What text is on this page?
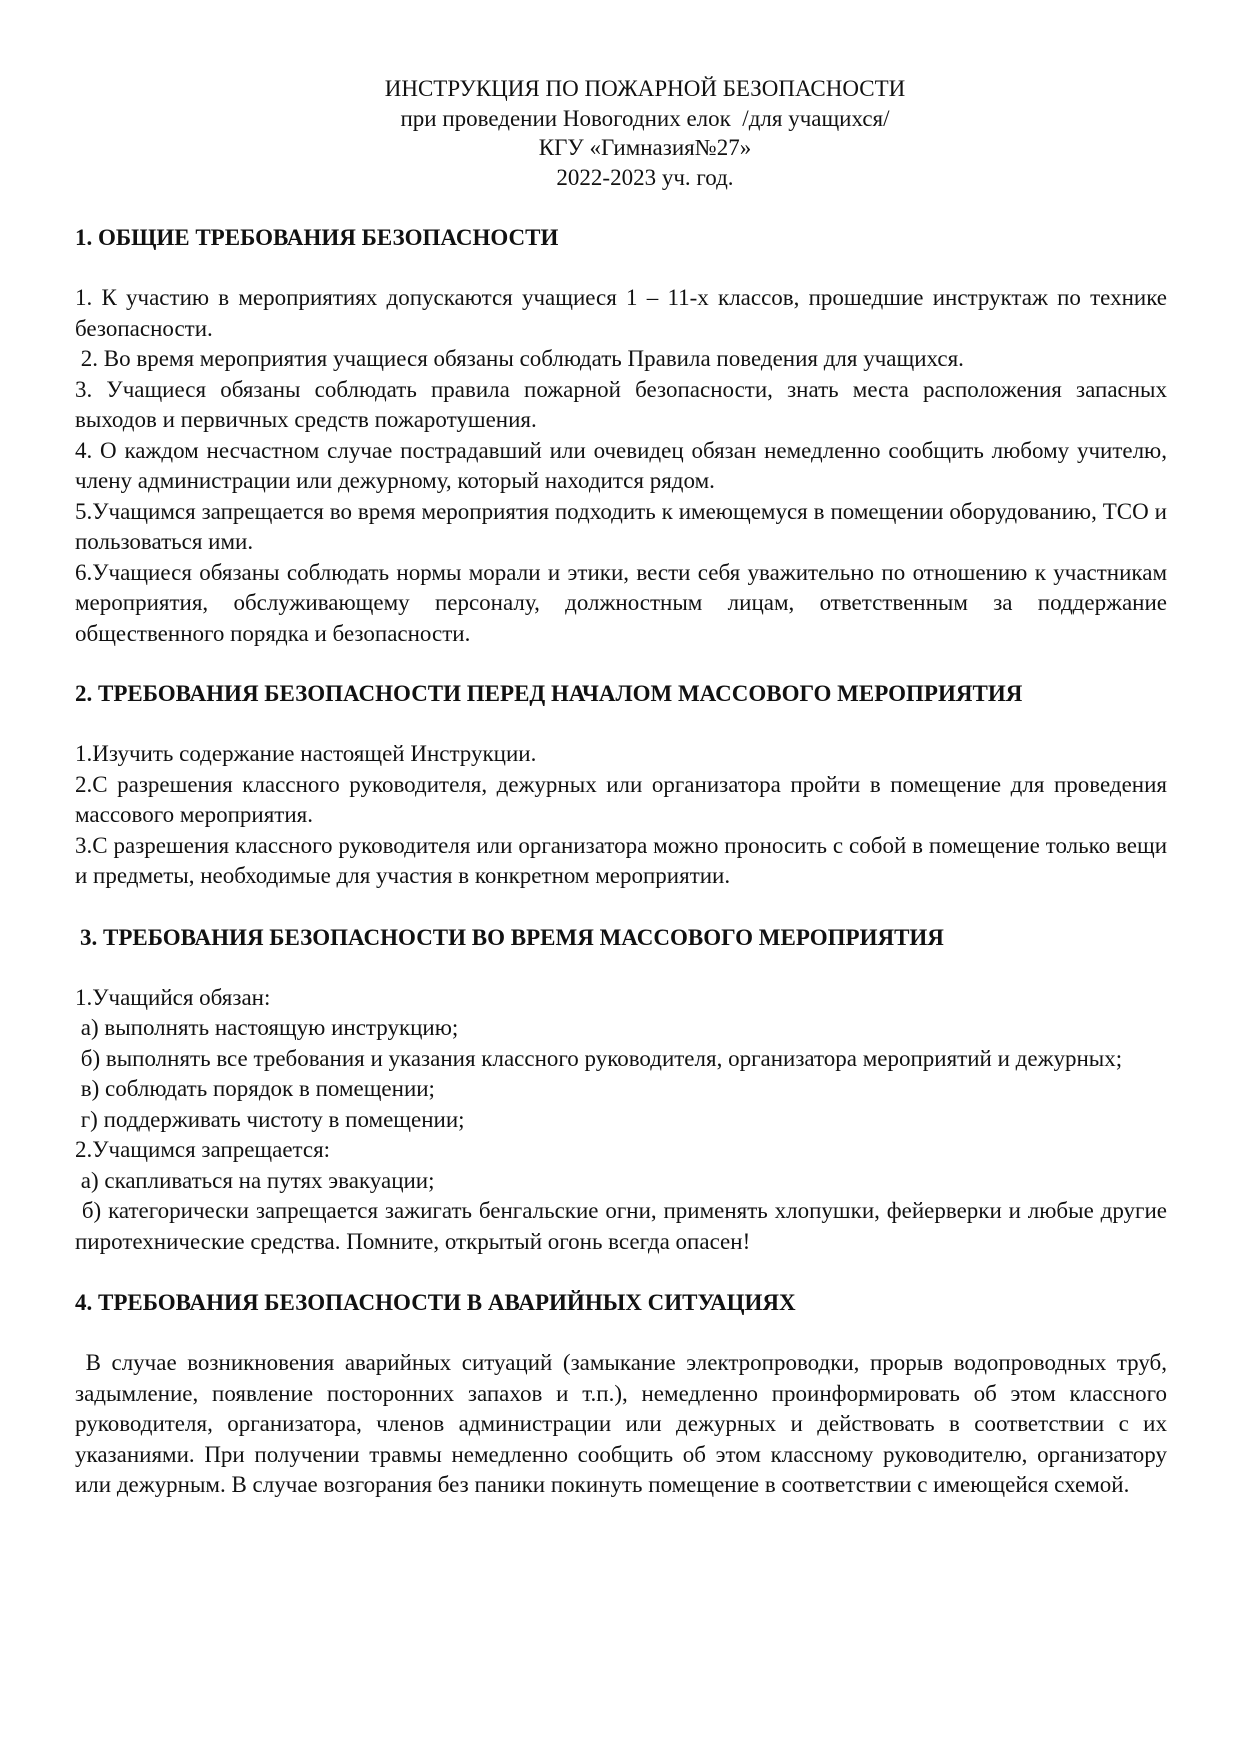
ИНСТРУКЦИЯ ПО ПОЖАРНОЙ БЕЗОПАСНОСТИ
при проведении Новогодних елок  /для учащихся/
КГУ «Гимназия№27»
2022-2023 уч. год.
1. ОБЩИЕ ТРЕБОВАНИЯ БЕЗОПАСНОСТИ

1. К участию в мероприятиях допускаются учащиеся 1 – 11-х классов, прошедшие инструктаж по технике безопасности.

2. Во время мероприятия учащиеся обязаны соблюдать Правила поведения для учащихся.

3. Учащиеся обязаны соблюдать правила пожарной безопасности, знать места расположения запасных выходов и первичных средств пожаротушения.

4. О каждом несчастном случае пострадавший или очевидец обязан немедленно сообщить любому учителю, члену администрации или дежурному, который находится рядом.

5.Учащимся запрещается во время мероприятия подходить к имеющемуся в помещении оборудованию, ТСО и пользоваться ими.

6.Учащиеся обязаны соблюдать нормы морали и этики, вести себя уважительно по отношению к участникам мероприятия, обслуживающему персоналу, должностным лицам, ответственным за поддержание общественного порядка и безопасности.

2. ТРЕБОВАНИЯ БЕЗОПАСНОСТИ ПЕРЕД НАЧАЛОМ МАССОВОГО МЕРОПРИЯТИЯ

1.Изучить содержание настоящей Инструкции.

2.С разрешения классного руководителя, дежурных или организатора пройти в помещение для проведения массового мероприятия.

3.С разрешения классного руководителя или организатора можно проносить с собой в помещение только вещи и предметы, необходимые для участия в конкретном мероприятии.

3. ТРЕБОВАНИЯ БЕЗОПАСНОСТИ ВО ВРЕМЯ МАССОВОГО МЕРОПРИЯТИЯ

1.Учащийся обязан:

а) выполнять настоящую инструкцию;

б) выполнять все требования и указания классного руководителя, организатора мероприятий и дежурных;

в) соблюдать порядок в помещении;

г) поддерживать чистоту в помещении;

2.Учащимся запрещается:

а) скапливаться на путях эвакуации;

б) категорически запрещается зажигать бенгальские огни, применять хлопушки, фейерверки и любые другие пиротехнические средства. Помните, открытый огонь всегда опасен!

4. ТРЕБОВАНИЯ БЕЗОПАСНОСТИ В АВАРИЙНЫХ СИТУАЦИЯХ

В случае возникновения аварийных ситуаций (замыкание электропроводки, прорыв водопроводных труб, задымление, появление посторонних запахов и т.п.), немедленно проинформировать об этом классного руководителя, организатора, членов администрации или дежурных и действовать в соответствии с их указаниями. При получении травмы немедленно сообщить об этом классному руководителю, организатору или дежурным. В случае возгорания без паники покинуть помещение в соответствии с имеющейся схемой.
